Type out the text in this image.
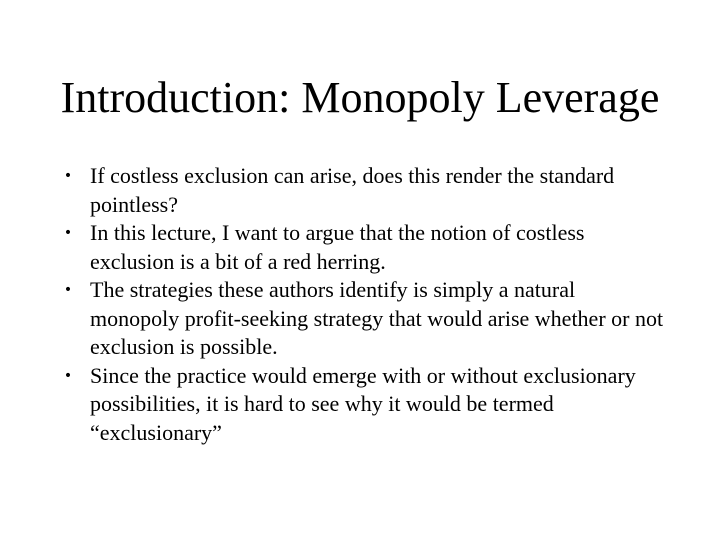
Introduction: Monopoly Leverage
• If costless exclusion can arise, does this render the standard pointless?
• In this lecture, I want to argue that the notion of costless exclusion is a bit of a red herring.
• The strategies these authors identify is simply a natural monopoly profit-seeking strategy that would arise whether or not exclusion is possible.
• Since the practice would emerge with or without exclusionary possibilities, it is hard to see why it would be termed “exclusionary”
